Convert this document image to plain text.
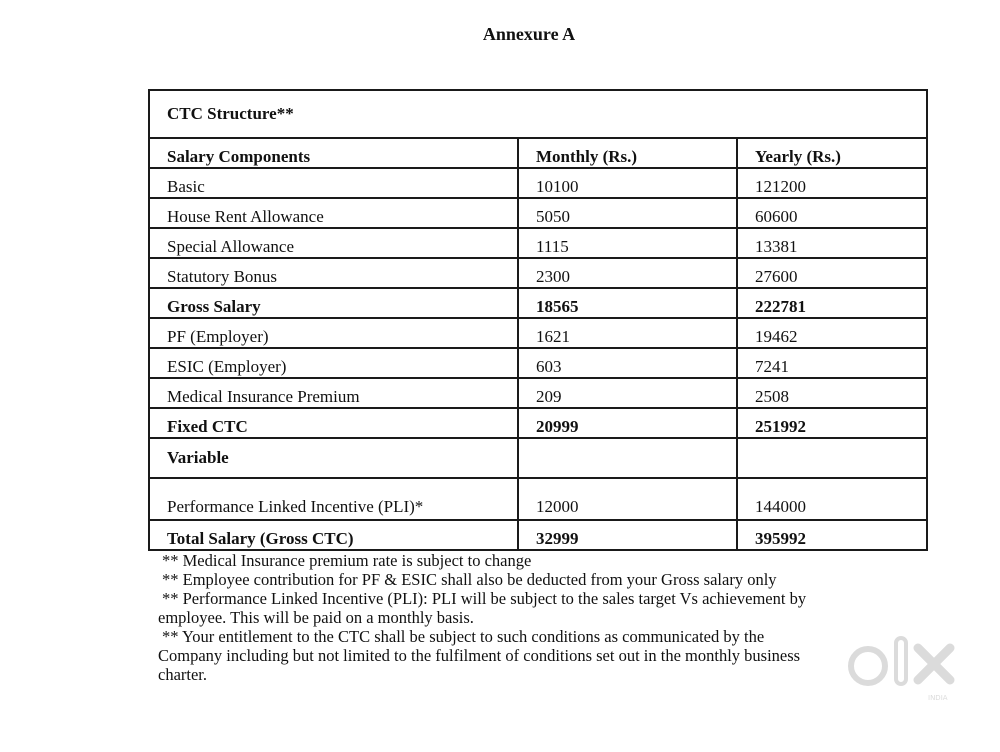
Annexure A
CTC Structure**		
Salary Components	Monthly (Rs.)	Yearly (Rs.)
Basic	10100	121200
House Rent Allowance	5050	60600
Special Allowance	1115	13381
Statutory Bonus	2300	27600
Gross Salary	18565	222781
PF (Employer)	1621	19462
ESIC (Employer)	603	7241
Medical Insurance Premium	209	2508
Fixed CTC	20999	251992
Variable		
Performance Linked Incentive (PLI)*	12000	144000
Total Salary (Gross CTC)	32999	395992

** Medical Insurance premium rate is subject to change

** Employee contribution for PF & ESIC shall also be deducted from your Gross salary only

** Performance Linked Incentive (PLI): PLI will be subject to the sales target Vs achievement by

employee. This will be paid on a monthly basis.

** Your entitlement to the CTC shall be subject to such conditions as communicated by the

Company including but not limited to the fulfilment of conditions set out in the monthly business

charter.

INDIA
